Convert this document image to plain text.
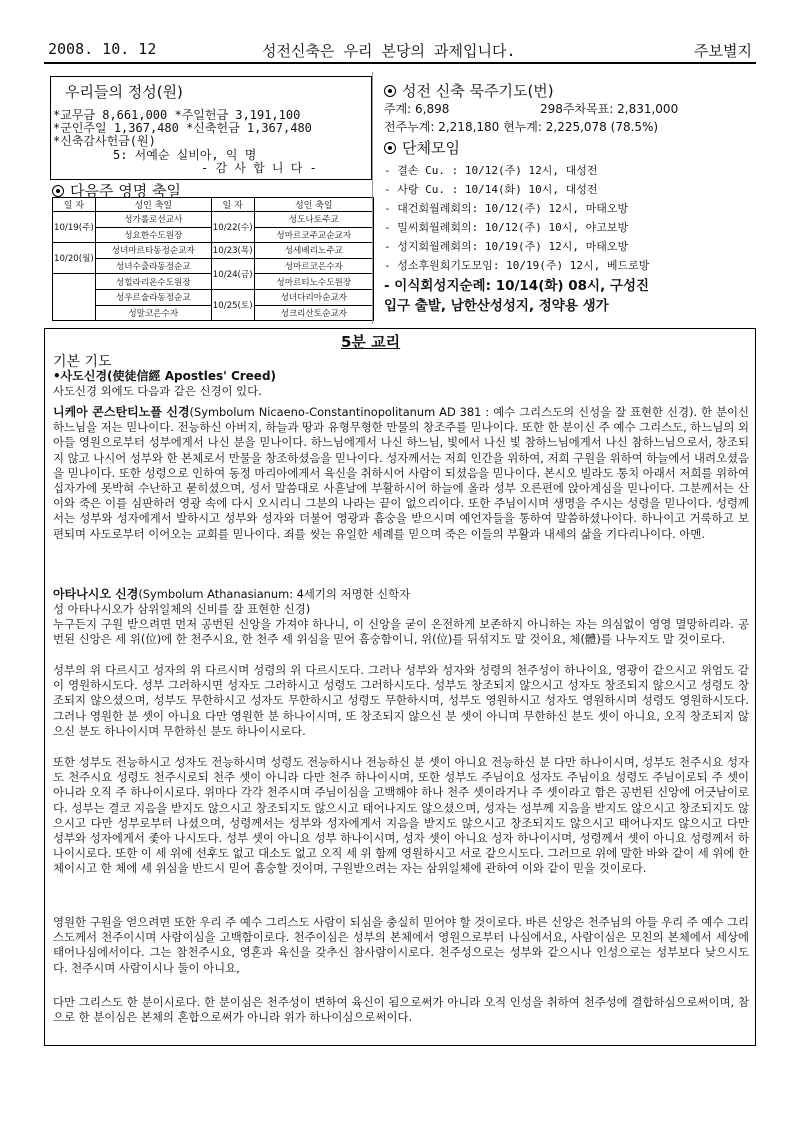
2008. 10. 12	성전신축은 우리 본당의 과제입니다.	주보별지
우리들의 정성(원)
*교무금 8,661,000 *주일헌금 3,191,100
*군인주일 1,367,480 *신축헌금 1,367,480
*신축감사헌금(원)
5: 서예순 실비아, 익 명
- 감 사 합 니 다 -
다음주 영명 축일
일 자	성인 축일	일 자	성인 축일
10/19(주)	성가롤로선교사	10/22(수)	성도나토주교
	성요한수도원장		성마르코주교순교자
10/20(월)	성녀마르타동정순교자	10/23(목)	성세베리노주교
	성녀수출라동정순교	10/24(금)	성마르코은수자
	성힐라리온수도원장		성마르티노수도원장
	성우르술라동정순교	10/25(토)	성녀다리아순교자
	성말코은수자		성크리산토순교자
성전 신축 묵주기도(번)
주계: 6,898	298주차목표: 2,831,000
전주누계: 2,218,180 현누계: 2,225,078 (78.5%)
단체모임
- 결손 Cu. : 10/12(주) 12시, 대성전
- 사랑 Cu. : 10/14(화) 10시, 대성전
- 대건회월례회의: 10/12(주) 12시, 마태오방
- 밀씨회월례회의: 10/12(주) 10시, 야고보방
- 성지회월례회의: 10/19(주) 12시, 마태오방
- 성소후원회기도모임: 10/19(주) 12시, 베드로방
- 이식회성지순례: 10/14(화) 08시, 구성진
입구 출발, 남한산성성지, 정약용 생가
5분 교리
기본 기도
•사도신경(使徒信經 Apostles' Creed)
사도신경 외에도 다음과 같은 신경이 있다.
니케아 콘스탄티노플 신경(Symbolum Nicaeno-Constantinopolitanum AD 381 : 예수 그리스도의 신성을 잘 표현한 신경). 한 분이신 하느님을 저는 믿나이다. 전능하신 아버지, 하늘과 땅과 유형무형한 만물의 창조주를 믿나이다. 또한 한 분이신 주 예수 그리스도, 하느님의 외아들 영원으로부터 성부에게서 나신 분을 믿나이다. 하느님에게서 나신 하느님, 빛에서 나신 빛 참하느님에게서 나신 참하느님으로서, 창조되지 않고 나시어 성부와 한 본체로서 만물을 창조하셨음을 믿나이다. 성자께서는 저희 인간을 위하여, 저희 구원을 위하여 하늘에서 내려오셨음을 믿나이다. 또한 성령으로 인하여 동정 마리아에게서 육신을 취하시어 사람이 되셨음을 믿나이다. 본시오 빌라도 통치 아래서 저희를 위하여 십자가에 못박혀 수난하고 묻히셨으며, 성서 말씀대로 사흗날에 부활하시어 하늘에 올라 성부 오른편에 앉아계심을 믿나이다. 그분께서는 산 이와 죽은 이를 심판하러 영광 속에 다시 오시리니 그분의 나라는 끝이 없으리이다. 또한 주님이시며 생명을 주시는 성령을 믿나이다. 성령께서는 성부와 성자에게서 발하시고 성부와 성자와 더불어 영광과 흠숭을 받으시며 예언자들을 통하여 말씀하셨나이다. 하나이고 거룩하고 보편되며 사도로부터 이어오는 교회를 믿나이다. 죄를 씻는 유일한 세례를 믿으며 죽은 이들의 부활과 내세의 삶을 기다리나이다. 아멘.
아타나시오 신경(Symbolum Athanasianum: 4세기의 저명한 신학자
성 아타나시오가 삼위일체의 신비를 잘 표현한 신경)
누구든지 구원 받으려면 먼저 공번된 신앙을 가져야 하나니, 이 신앙을 굳이 온전하게 보존하지 아니하는 자는 의심없이 영영 멸망하리라. 공번된 신앙은 세 위(位)에 한 천주시요, 한 천주 세 위심을 믿어 흠숭함이니, 위(位)를 뒤섞지도 말 것이요, 체(體)를 나누지도 말 것이로다.
성부의 위 다르시고 성자의 위 다르시며 성령의 위 다르시도다. 그러나 성부와 성자와 성령의 천주성이 하나이요, 영광이 같으시고 위엄도 같이 영원하시도다. 성부 그러하시면 성자도 그러하시고 성령도 그러하시도다. 성부도 창조되지 않으시고 성자도 창조되지 않으시고 성령도 창조되지 않으셨으며, 성부도 무한하시고 성자도 무한하시고 성령도 무한하시며, 성부도 영원하시고 성자도 영원하시며 성령도 영원하시도다. 그러나 영원한 분 셋이 아니요 다만 영원한 분 하나이시며, 또 창조되지 않으신 분 셋이 아니며 무한하신 분도 셋이 아니요, 오직 창조되지 않으신 분도 하나이시며 무한하신 분도 하나이시로다.
또한 성부도 전능하시고 성자도 전능하시며 성령도 전능하시나 전능하신 분 셋이 아니요 전능하신 분 다만 하나이시며, 성부도 천주시요 성자도 천주시요 성령도 천주시로되 천주 셋이 아니라 다만 천주 하나이시며, 또한 성부도 주님이요 성자도 주님이요 성령도 주님이로되 주 셋이 아니라 오직 주 하나이시로다. 위마다 각각 천주시며 주님이심을 고백해야 하나 천주 셋이라거나 주 셋이라고 함은 공번된 신앙에 어긋남이로다. 성부는 결코 지음을 받지도 않으시고 창조되지도 않으시고 태어나지도 않으셨으며, 성자는 성부께 지음을 받지도 않으시고 창조되지도 않으시고 다만 성부로부터 나셨으며, 성령께서는 성부와 성자에게서 지음을 받지도 않으시고 창조되지도 않으시고 태어나지도 않으시고 다만 성부와 성자에게서 좇아 나시도다. 성부 셋이 아니요 성부 하나이시며, 성자 셋이 아니요 성자 하나이시며, 성령께서 셋이 아니요 성령께서 하나이시로다. 또한 이 세 위에 선후도 없고 대소도 없고 오직 세 위 함께 영원하시고 서로 같으시도다. 그러므로 위에 말한 바와 같이 세 위에 한 체이시고 한 체에 세 위심을 반드시 믿어 흠숭할 것이며, 구원받으려는 자는 삼위일체에 관하여 이와 같이 믿을 것이로다.
영원한 구원을 얻으려면 또한 우리 주 예수 그리스도 사람이 되심을 충실히 믿어야 할 것이로다. 바른 신앙은 천주님의 아들 우리 주 예수 그리스도께서 천주이시며 사람이심을 고백함이로다. 천주이심은 성부의 본체에서 영원으로부터 나심에서요, 사람이심은 모친의 본체에서 세상에 태어나심에서이다. 그는 참천주시요, 영혼과 육신을 갖추신 참사람이시로다. 천주성으로는 성부와 같으시나 인성으로는 성부보다 낮으시도다. 천주시며 사람이시나 둘이 아니요,
다만 그리스도 한 분이시로다. 한 분이심은 천주성이 변하여 육신이 됨으로써가 아니라 오직 인성을 취하여 천주성에 결합하심으로써이며, 참으로 한 분이심은 본체의 혼합으로써가 아니라 위가 하나이심으로써이다.
